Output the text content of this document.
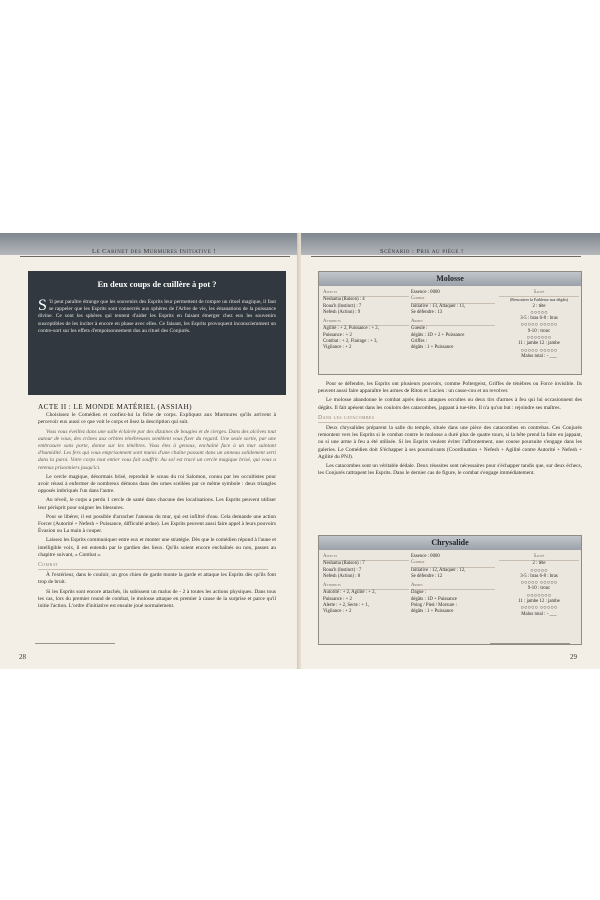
Le Cabinet des Murmures Initiative !
En deux coups de cuillère à pot ?

S 'il peut paraître étrange que les souvenirs des Esprits leur permettent de rompre un rituel magique, il faut se rappeler que les Esprits sont connectés aux sphères de l'Arbre de vie, les émanations de la puissance divine. Ce sont les sphères qui tentent d'aider les Esprits en faisant émerger chez eux les souvenirs susceptibles de les inciter à encore en phase avec elles. Ce faisant, les Esprits provoquent inconsciemment un contre-sort sur les effets d'empoisonnement dus au rituel des Conjurés.

ACTE II : LE MONDE MATÉRIEL (ASSIAH)

Choisissez le Comédien et confiez-lui la fiche de corps. Expliquez aux Murmures qu'ils arrivent à percevoir eux aussi ce que voit le corps et lisez la description qui suit.

Vous vous éveillez dans une salle éclairée par des dizaines de bougies et de cierges. Dans des alcôves tout autour de vous, des crânes aux orbites ténébreuses semblent vous fixer du regard. Une seule sortie, par une embrasure sans porte, donne sur les ténèbres. Vous êtes à genoux, enchaîné face à un mur suintant d'humidité. Les fers qui vous emprisonnent sont munis d'une chaîne passant dans un anneau solidement serti dans la paroi. Votre corps tout entier vous fait souffrir. Au sol est tracé un cercle magique brisé, qui vous a retenus prisonniers jusqu'ici.

Le cercle magique, désormais brisé, reproduit le sceau du roi Salomon, connu par les occultistes pour avoir réussi à enfermer de nombreux démons dans des urnes scellées par ce même symbole : deux triangles opposés imbriqués l'un dans l'autre.

Au réveil, le corps a perdu 1 cercle de santé dans chacune des localisations. Les Esprits peuvent utiliser leur périsprit pour soigner les blessures.

Pour se libérer, il est possible d'arracher l'anneau du mur, qui est infiltré d'eau. Cela demande une action Forcer (Autorité + Nefesh + Puissance, difficulté ardue). Les Esprits peuvent aussi faire appel à leurs pouvoirs Évasion ou La main à couper.

Laissez les Esprits communiquer entre eux et monter une stratégie. Dès que le comédien répond à l'aune et intelligible voix, il est entendu par le gardien des lieux. Qu'ils soient encore enchaînés ou non, passez au chapitre suivant, « Combat ».

Combat

À l'extérieur, dans le couloir, un gros chien de garde monte la garde et attaque les Esprits dès qu'ils font trop de bruit.

Si les Esprits sont encore attachés, ils subissent un malus de - 2 à toutes les actions physiques. Dans tous les cas, lors du premier round de combat, le molosse attaque en premier à cause de la surprise et parce qu'il initie l'action. L'ordre d'initiative est ensuite joué normalement.

28
Scénario : Pris au piège !
Molosse
Aspects
Neshama (Raison) : 4
Roua'h (Instinct) : 7
Nefesh (Action) : 9
Attributs
Agilité : + 2, Puissance : + 2,
Puissance : + 2
Combat : + 2, Flairage : + 3,
Vigilance : + 2
Essence : 0000
Combat
Initiative : 13, Attaquer : 11,
Se défendre : 13
Armes
Gueule :
dégâts : 1D + 2 + Puissance
Griffes :
dégâts : 1 + Puissance
Santé
(Rencontrer la Faiblesse aux dégâts)
2 : tête
○○○○○
3-5 : bras 6-8 : bras
○○○○○ ○○○○○
9-10 : tronc
○○○○○○○
11 : jambe 12 : jambe
○○○○○ ○○○○○
Malus total : - ___

Pour se défendre, les Esprits ont plusieurs pouvoirs, comme Poltergeist, Griffes de ténèbres ou Force invisible. Ils peuvent aussi faire apparaître les armes de Riton et Lucien : un casse-cou et un revolver.

Le molosse abandonne le combat après deux attaques occultes ou deux tirs d'armes à feu qui lui occasionnent des dégâts. Il fait apésent dans les couloirs des catacombes, jappant à tue-tête. Il n'a qu'un but : rejoindre ses maîtres.

Dans les catacombes

Deux chrysalides préparent la salle du temple, située dans une pièce des catacombes en contrebas. Ces Conjurés remontent vers les Esprits si le combat contre le molosse a duré plus de quatre tours, si la bête prend la fuite en jappant, ou si une arme à feu a été utilisée. Si les Esprits veulent éviter l'affrontement, une course poursuite s'engage dans les galeries. Le Comédien doit S'échapper à ses poursuivants (Coordination + Nefesh + Agilité contre Autorité + Nefesh + Agilité du PNJ).

Les catacombes sont un véritable dédale. Deux réussites sont nécessaires pour s'échapper tandis que, sur deux échecs, les Conjurés rattrapent les Esprits. Dans le dernier cas de figure, le combat s'engage immédiatement.

Chrysalide
Aspects
Neshama (Raison) : 7
Roua'h (Instinct) : 7
Nefesh (Action) : 8
Attributs
Autorité : + 2, Agilité : + 2,
Puissance : + 2
Alerte : + 2, Secte : + 1,
Vigilance : + 2
Essence : 0000
Combat
Initiative : 12, Attaquer : 12,
Se défendre : 12
Armes
Dague :
dégâts : 1D + Puissance
Poing / Pied / Morsure :
dégâts : 1 + Puissance
Santé
2 : tête
○○○○○
3-5 : bras 6-8 : bras
○○○○○ ○○○○○
9-10 : tronc
○○○○○○○
11 : jambe 12 : jambe
○○○○○ ○○○○○
Malus total : - ___
29
